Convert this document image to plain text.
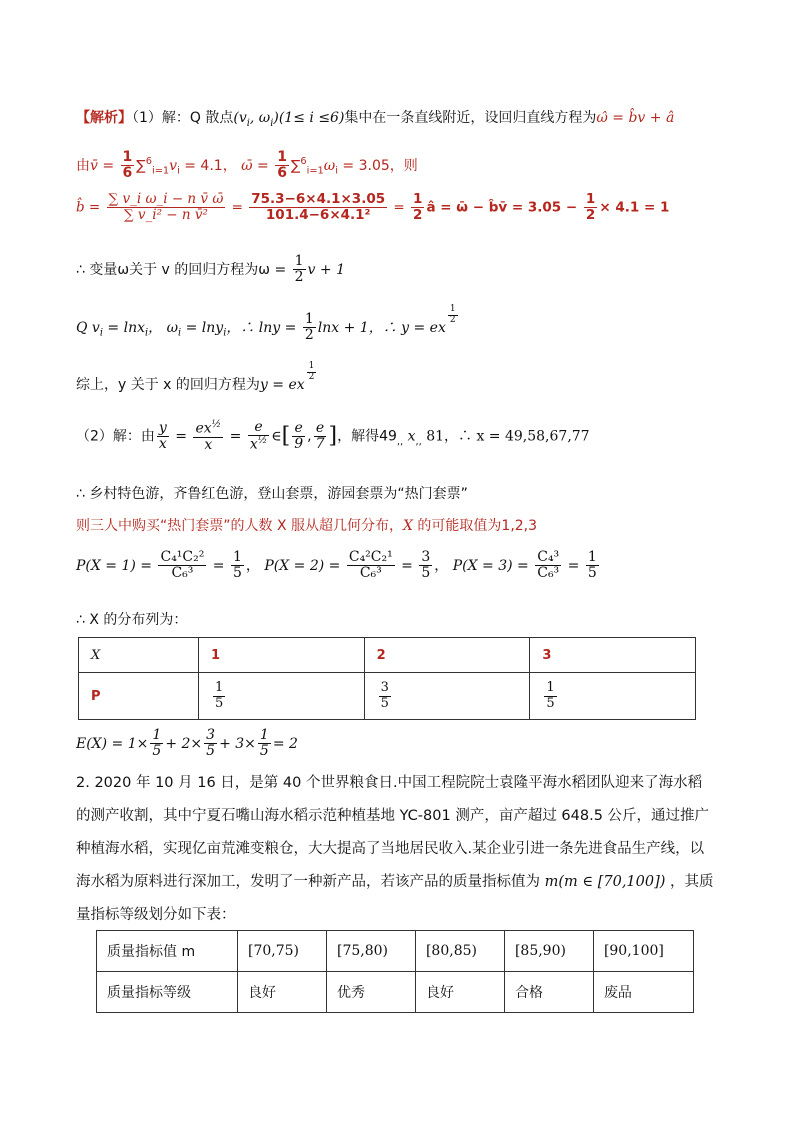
【解析】（1）解：Q 散点($v_i$, $\omega_i)(1\le i \le 6)$集中在一条直线附近，设回归直线方程为ω̂ = b̂v + â
由v̄ = $\frac{1}{6} \sum^6_{i=1}v_i = 4.1$， ω̄ = $\frac{1}{6} \sum^6_{i=1}\omega_i = 3.05$，则
b̂ = $\frac{\text{∑ v\_i ω\_i − n v̄ ω̄}}{\text{∑ v\_i² − n v̄²}} = \frac{75.3-6\times 4.1\times 3.05}{\text{101.4−6×4.1²}} = \frac{1}{2}$ â = ω̄ − b̂v̄ = $3.05 - \frac{1}{2} \times 4.1 = 1$
∴ 变量ω关于 v 的回归方程为$\omega = \frac{1}{2}$ v + 1
Q $v_i = \ln x_i$， $\omega_i = \ln y_i$，∴ $\ln y = \frac{1}{2}$ lnx + 1，∴ y = ex
$^{\frac{1}{2}}$
综上，y 关于 x 的回归方程为y = ex
$^{\frac{1}{2}}$
（2）解：由 $\frac{y}{x} = \frac{ex^{\frac{1}{2}}}{x} = \frac{e}{x^{\frac{1}{2}}}$ ∈[ $\frac{e}{9}$ , $\frac{e}{7}$ ]，解得$49_{,,}$ $x_{,,}$ 81，∴ x = 49,58,67,77
∴ 乡村特色游，齐鲁红色游，登山套票，游园套票为“热门套票”
则三人中购买“热门套票”的人数 X 服从超几何分布，X 的可能取值为1,2,3
$P(X = 1) = \frac{\text{C₄¹C₂²}}{\text{C₆³}} = \frac{1}{5}$ ， $P(X = 2) = \frac{\text{C₄²C₂¹}}{\text{C₆³}} = \frac{3}{5}$ ， $P(X = 3) = \frac{\text{C₄³}}{\text{C₆³}} = \frac{1}{5}$
∴ X 的分布列为：
X	1	2	3
P	$\frac{1}{5}$	$\frac{3}{5}$	$\frac{1}{5}$
$E(X) = 1\times \frac{1}{5} + 2\times \frac{3}{5} + 3\times \frac{1}{5} = 2$
2. 2020 年 10 月 16 日，是第 40 个世界粮食日.中国工程院院士袁隆平海水稻团队迎来了海水稻的测产收割，其中宁夏石嘴山海水稻示范种植基地 YC-801 测产，亩产超过 648.5 公斤，通过推广种植海水稻，实现亿亩荒滩变粮仓，大大提高了当地居民收入.某企业引进一条先进食品生产线，以海水稻为原料进行深加工，发明了一种新产品，若该产品的质量指标值为 m(m ∈ [70,100]) ，其质量指标等级划分如下表：
质量指标值 m	[70,75)	[75,80)	[80,85)	[85,90)	[90,100]
质量指标等级	良好	优秀	良好	合格	废品
